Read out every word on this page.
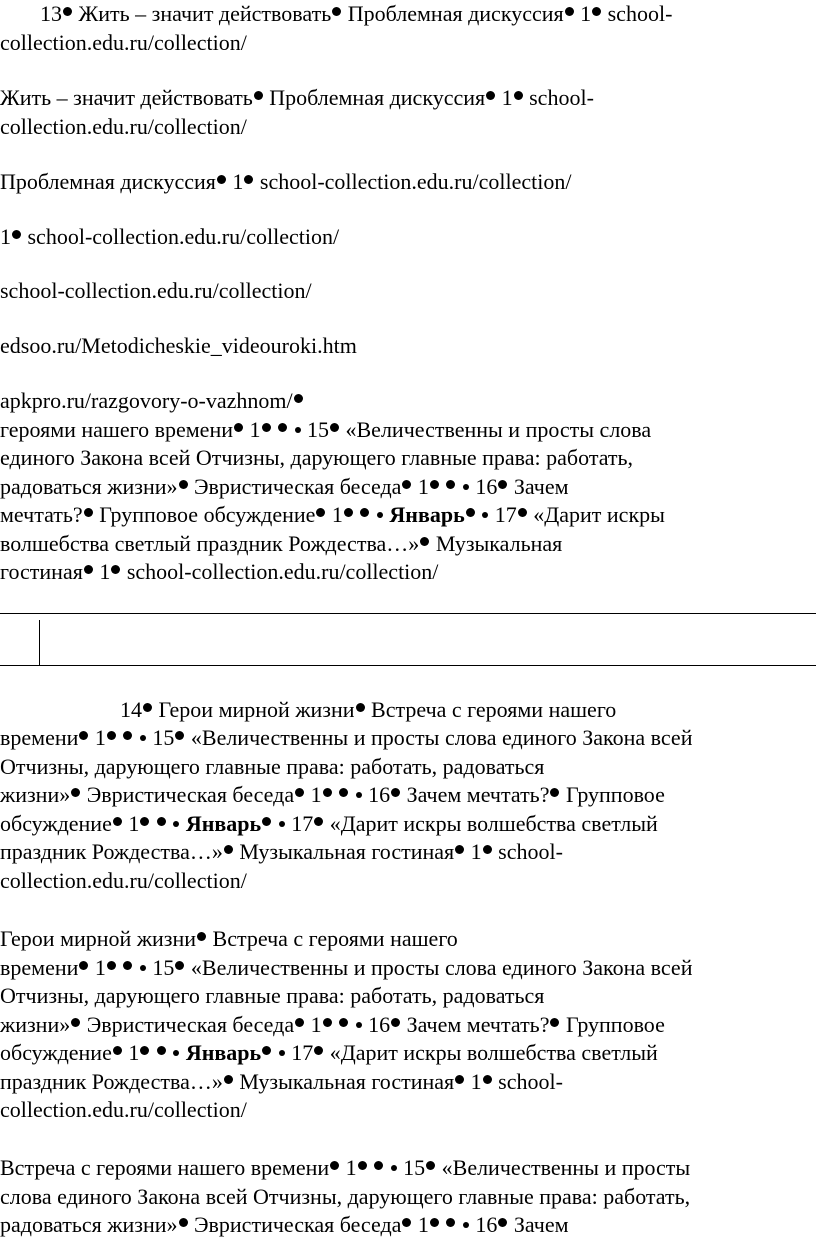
13 Жить – значит действовать Проблемная дискуссия 1 school-
collection.edu.ru/collection/
Жить – значит действовать Проблемная дискуссия 1 school-
collection.edu.ru/collection/
Проблемная дискуссия 1 school-collection.edu.ru/collection/
1 school-collection.edu.ru/collection/
school-collection.edu.ru/collection/
edsoo.ru/Metodicheskie_videouroki.htm
apkpro.ru/razgovory-o-vazhnom/
героями нашего времени 1   15 «Величественны и просты слова
единого Закона всей Отчизны, дарующего главные права: работать,
радоваться жизни» Эвристическая беседа 1   16 Зачем
мечтать? Групповое обсуждение 1 Январь  17 «Дарит искры
волшебства светлый праздник Рождества…» Музыкальная
гостиная 1 school-collection.edu.ru/collection/
14 Герои мирной жизни Встреча с героями нашего
времени 1   15 «Величественны и просты слова единого Закона всей
Отчизны, дарующего главные права: работать, радоваться
жизни» Эвристическая беседа 1   16 Зачем мечтать? Групповое
обсуждение 1 Январь  17 «Дарит искры волшебства светлый
праздник Рождества…» Музыкальная гостиная 1 school-
collection.edu.ru/collection/
Герои мирной жизни Встреча с героями нашего
времени 1   15 «Величественны и просты слова единого Закона всей
Отчизны, дарующего главные права: работать, радоваться
жизни» Эвристическая беседа 1   16 Зачем мечтать? Групповое
обсуждение 1 Январь  17 «Дарит искры волшебства светлый
праздник Рождества…» Музыкальная гостиная 1 school-
collection.edu.ru/collection/
Встреча с героями нашего времени 1   15 «Величественны и просты
слова единого Закона всей Отчизны, дарующего главные права: работать,
радоваться жизни» Эвристическая беседа 1   16 Зачем
